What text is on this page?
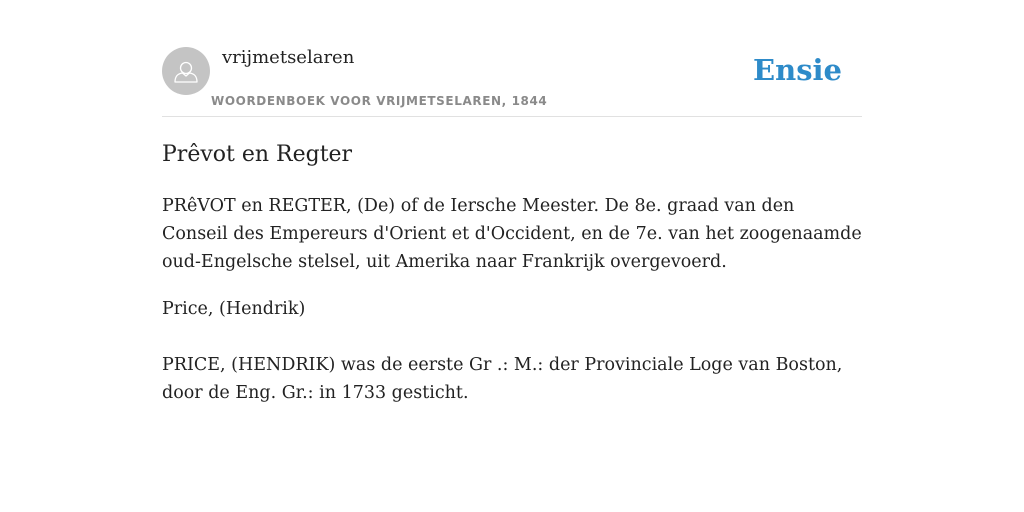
vrijmetselaren
WOORDENBOEK VOOR VRIJMETSELAREN, 1844
Ensie
Prêvot en Regter

PRêVOT en REGTER, (De) of de Iersche Meester. De 8e. graad van den Conseil des Empereurs d'Orient et d'Occident, en de 7e. van het zoogenaamde oud-Engelsche stelsel, uit Amerika naar Frankrijk overgevoerd.

Price, (Hendrik)

PRICE, (HENDRIK) was de eerste Gr .: M.: der Provinciale Loge van Boston, door de Eng. Gr.: in 1733 gesticht.
